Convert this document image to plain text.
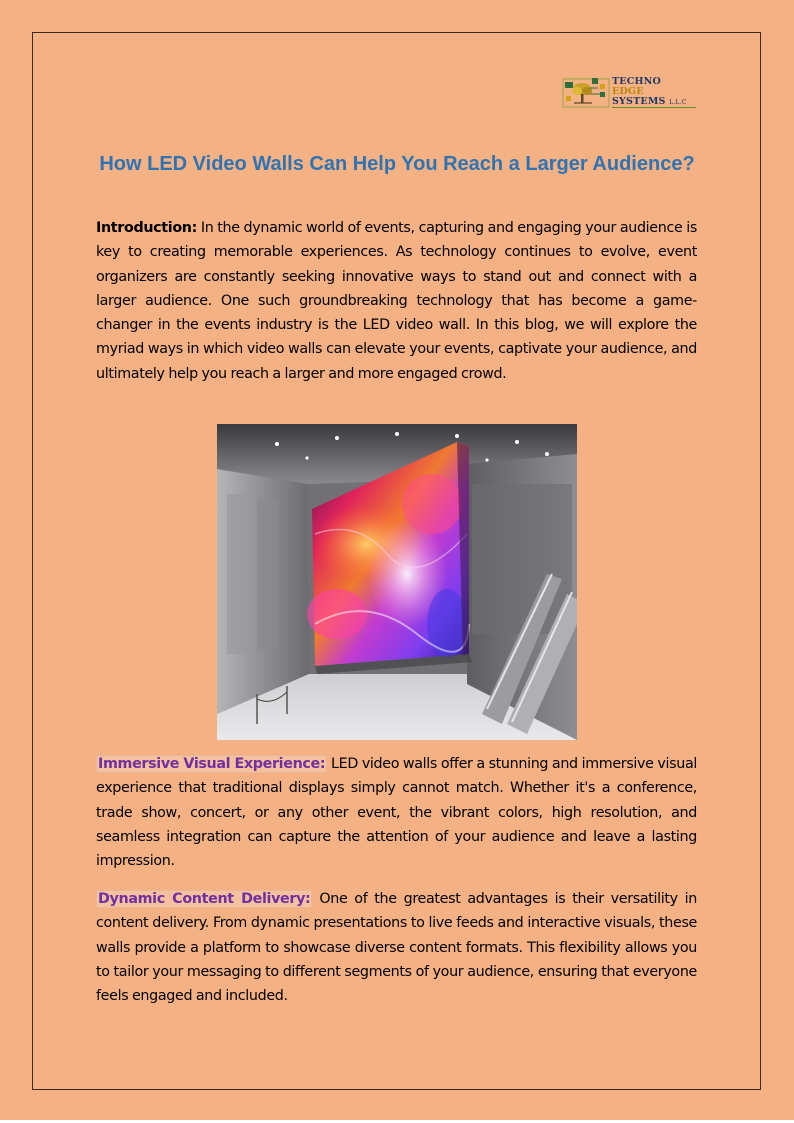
TECHNO
EDGE
SYSTEMS L.L.C
How LED Video Walls Can Help You Reach a Larger Audience?

Introduction: In the dynamic world of events, capturing and engaging your audience is key to creating memorable experiences. As technology continues to evolve, event organizers are constantly seeking innovative ways to stand out and connect with a larger audience. One such groundbreaking technology that has become a game-changer in the events industry is the LED video wall. In this blog, we will explore the myriad ways in which video walls can elevate your events, captivate your audience, and ultimately help you reach a larger and more engaged crowd.

Immersive Visual Experience: LED video walls offer a stunning and immersive visual experience that traditional displays simply cannot match. Whether it's a conference, trade show, concert, or any other event, the vibrant colors, high resolution, and seamless integration can capture the attention of your audience and leave a lasting impression.

Dynamic Content Delivery: One of the greatest advantages is their versatility in content delivery. From dynamic presentations to live feeds and interactive visuals, these walls provide a platform to showcase diverse content formats. This flexibility allows you to tailor your messaging to different segments of your audience, ensuring that everyone feels engaged and included.
